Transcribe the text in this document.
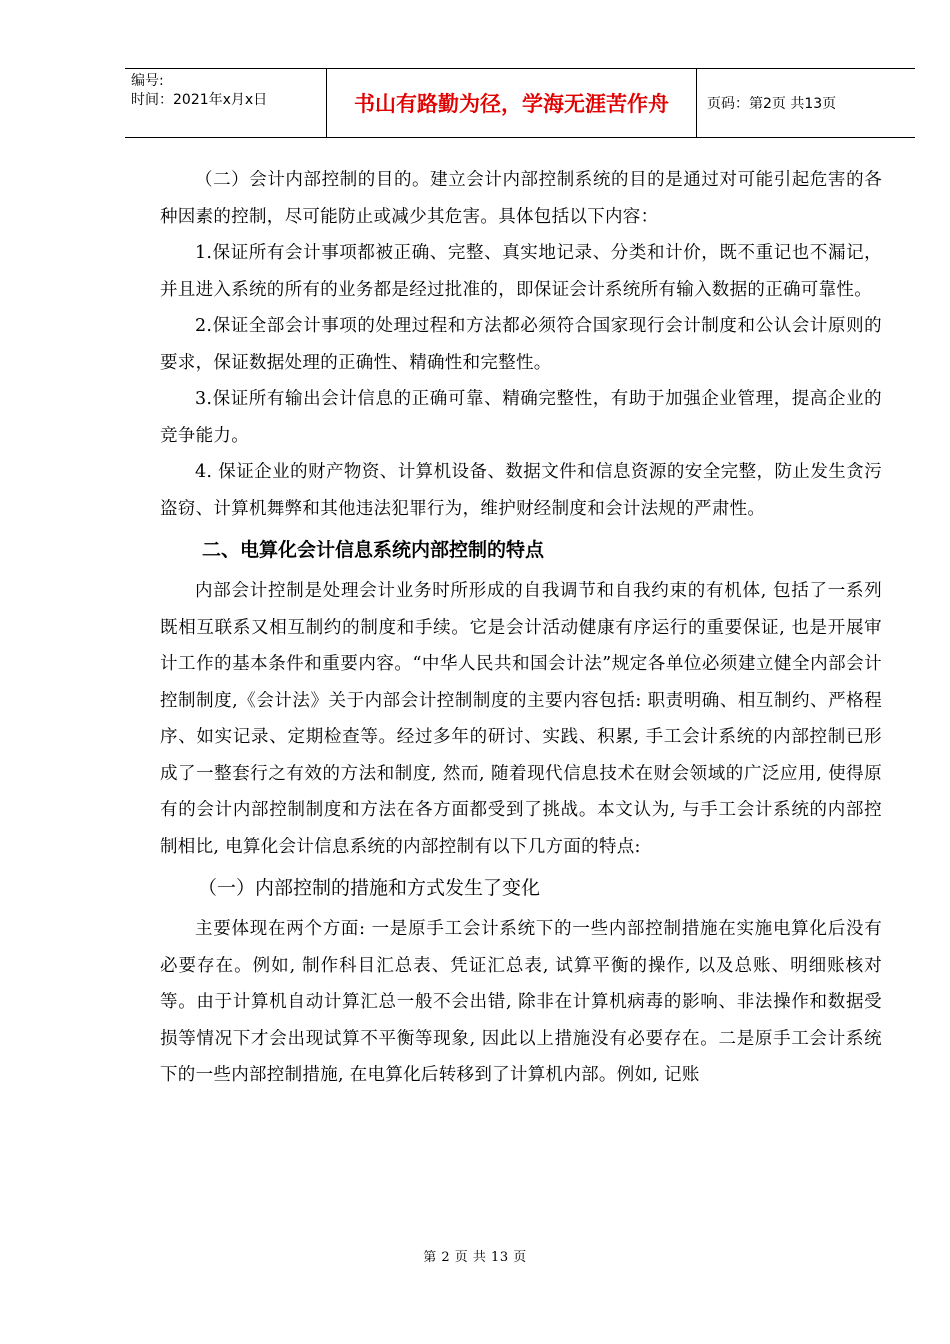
编号:
时间：2021年x月x日	书山有路勤为径，学海无涯苦作舟	页码：第2页 共13页

（二）会计内部控制的目的。建立会计内部控制系统的目的是通过对可能引起危害的各种因素的控制，尽可能防止或减少其危害。具体包括以下内容：

1.保证所有会计事项都被正确、完整、真实地记录、分类和计价，既不重记也不漏记，并且进入系统的所有的业务都是经过批准的，即保证会计系统所有输入数据的正确可靠性。

2.保证全部会计事项的处理过程和方法都必须符合国家现行会计制度和公认会计原则的要求，保证数据处理的正确性、精确性和完整性。

3.保证所有输出会计信息的正确可靠、精确完整性，有助于加强企业管理，提高企业的竞争能力。

4. 保证企业的财产物资、计算机设备、数据文件和信息资源的安全完整，防止发生贪污盗窃、计算机舞弊和其他违法犯罪行为，维护财经制度和会计法规的严肃性。

二、电算化会计信息系统内部控制的特点

内部会计控制是处理会计业务时所形成的自我调节和自我约束的有机体, 包括了一系列既相互联系又相互制约的制度和手续。它是会计活动健康有序运行的重要保证, 也是开展审计工作的基本条件和重要内容。“中华人民共和国会计法”规定各单位必须建立健全内部会计控制制度,《会计法》关于内部会计控制制度的主要内容包括: 职责明确、相互制约、严格程序、如实记录、定期检查等。经过多年的研讨、实践、积累, 手工会计系统的内部控制已形成了一整套行之有效的方法和制度, 然而, 随着现代信息技术在财会领域的广泛应用, 使得原有的会计内部控制制度和方法在各方面都受到了挑战。本文认为, 与手工会计系统的内部控制相比, 电算化会计信息系统的内部控制有以下几方面的特点:

（一）内部控制的措施和方式发生了变化

主要体现在两个方面: 一是原手工会计系统下的一些内部控制措施在实施电算化后没有必要存在。例如, 制作科目汇总表、凭证汇总表, 试算平衡的操作, 以及总账、明细账核对等。由于计算机自动计算汇总一般不会出错, 除非在计算机病毒的影响、非法操作和数据受损等情况下才会出现试算不平衡等现象, 因此以上措施没有必要存在。二是原手工会计系统下的一些内部控制措施, 在电算化后转移到了计算机内部。例如, 记账

第 2 页 共 13 页
